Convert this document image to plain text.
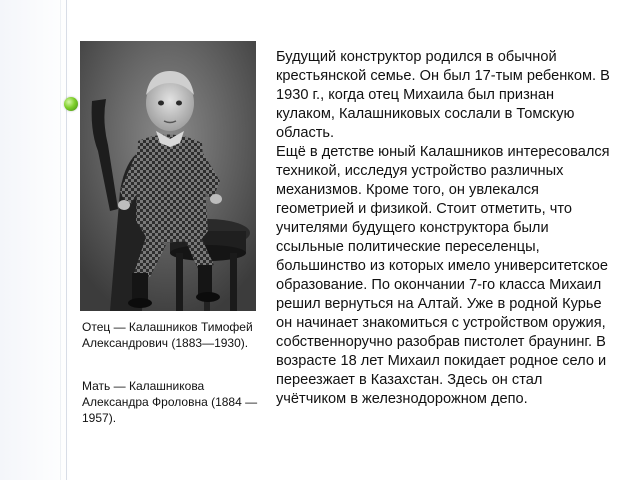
Отец — Калашников Тимофей Александрович (1883—1930).
Мать — Калашникова Александра Фроловна (1884 —1957).

Будущий конструктор родился в обычной крестьянской семье. Он был 17-тым ребенком. В 1930 г., когда отец Михаила был признан кулаком, Калашниковых сослали в Томскую область.

Ещё в детстве юный Калашников интересовался техникой, исследуя устройство различных механизмов. Кроме того, он увлекался геометрией и физикой. Стоит отметить, что учителями будущего конструктора были ссыльные политические переселенцы, большинство из которых имело университетское образование. По окончании 7-го класса Михаил решил вернуться на Алтай. Уже в родной Курье он начинает знакомиться с устройством оружия, собственноручно разобрав пистолет браунинг. В возрасте 18 лет Михаил покидает родное село и переезжает в Казахстан. Здесь он стал учётчиком в железнодорожном депо.
